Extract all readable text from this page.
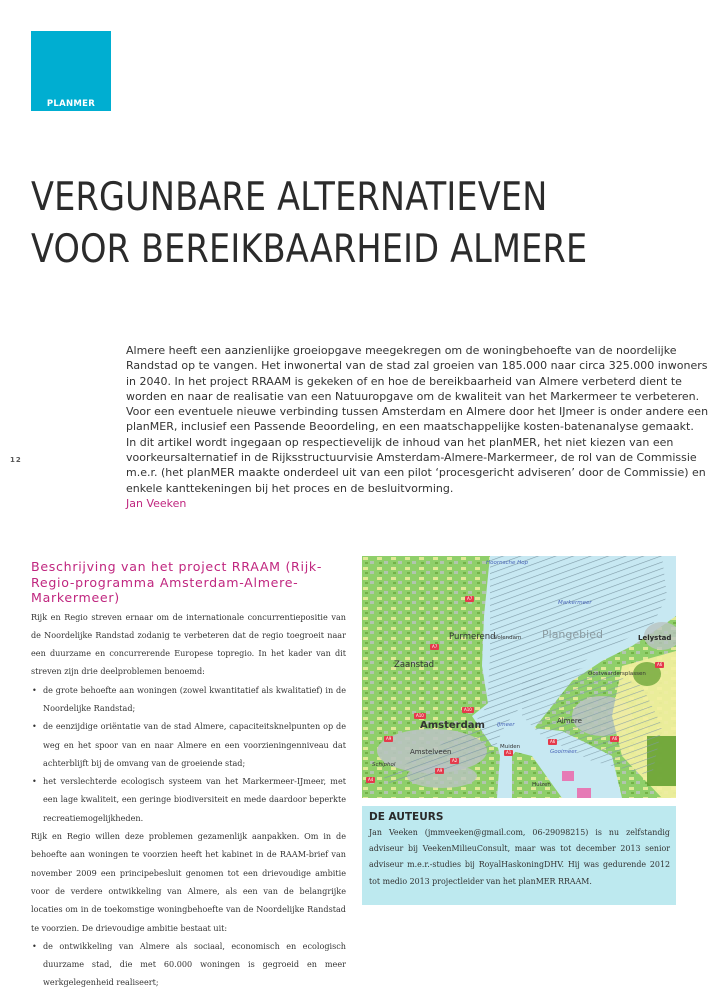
PLANMER
VERGUNBARE ALTERNATIEVEN
VOOR BEREIKBAARHEID ALMERE
12

Almere heeft een aanzienlijke groeiopgave meegekregen om de woningbehoefte van de noordelijke

Randstad op te vangen. Het inwonertal van de stad zal groeien van 185.000 naar circa 325.000 inwoners

in 2040. In het project RRAAM is gekeken of en hoe de bereikbaarheid van Almere verbeterd dient te

worden en naar de realisatie van een Natuuropgave om de kwaliteit van het Markermeer te verbeteren.

Voor een eventuele nieuwe verbinding tussen Amsterdam en Almere door het IJmeer is onder andere een

planMER, inclusief een Passende Beoordeling, en een maatschappelijke kosten-batenanalyse gemaakt.

In dit artikel wordt ingegaan op respectievelijk de inhoud van het planMER, het niet kiezen van een

voorkeursalternatief in de Rijksstructuurvisie Amsterdam-Almere-Markermeer, de rol van de Commissie

m.e.r. (het planMER maakte onderdeel uit van een pilot ‘procesgericht adviseren’ door de Commissie) en

enkele kanttekeningen bij het proces en de besluitvorming.

Jan Veeken

Beschrijving van het project RRAAM (Rijk-Regio-programma Amsterdam-Almere-Markermeer)

Rijk en Regio streven ernaar om de internationale concurrentiepositie van de Noordelijke Randstad zodanig te verbeteren dat de regio toegroeit naar een duurzame en concurrerende Europese topregio. In het kader van dit streven zijn drie deelproblemen benoemd:

• de grote behoefte aan woningen (zowel kwantitatief als kwalitatief) in de Noordelijke Randstad;
• de eenzijdige oriëntatie van de stad Almere, capaciteitsknelpunten op de weg en het spoor van en naar Almere en een voorzieningenniveau dat achterblijft bij de omvang van de groeiende stad;
• het verslechterde ecologisch systeem van het Markermeer-IJmeer, met een lage kwaliteit, een geringe biodiversiteit en mede daardoor beperkte recreatiemogelijkheden.

Rijk en Regio willen deze problemen gezamenlijk aanpakken. Om in de behoefte aan woningen te voorzien heeft het kabinet in de RAAM-brief van november 2009 een principebesluit genomen tot een drievoudige ambitie voor de verdere ontwikkeling van Almere, als een van de belangrijke locaties om in de toekomstige woningbehoefte van de Noordelijke Randstad te voorzien. De drievoudige ambitie bestaat uit:

• de ontwikkeling van Almere als sociaal, economisch en ecologisch duurzame stad, die met 60.000 woningen is gegroeid en meer werkgelegenheid realiseert;
Hoornsche Hop
Markermeer
Plangebied
Purmerend
Volendam
Zaanstad
Lelystad
Oostvaardersplassen
Amsterdam IJmeer	Almere
Muiden
Amstelveen	Gooimeer
Schiphol
Huizen
A7
A7
A10
A10
A9
A2
A9
A1
A6
A6
A6
A4
DE AUTEURS

Jan Veeken (jmmveeken@gmail.com, 06-29098215) is nu zelfstandig adviseur bij VeekenMilieuConsult, maar was tot december 2013 senior adviseur m.e.r.-studies bij RoyalHaskoningDHV. Hij was gedurende 2012 tot medio 2013 projectleider van het planMER RRAAM.
